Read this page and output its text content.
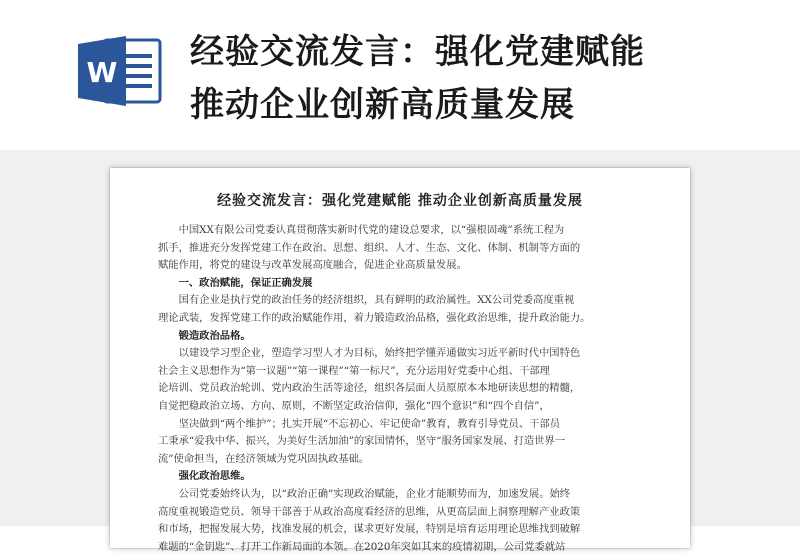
W
经验交流发言：强化党建赋能
推动企业创新高质量发展
经验交流发言：强化党建赋能 推动企业创新高质量发展
　　中国XX有限公司党委认真贯彻落实新时代党的建设总要求，以“强根固魂”系统工程为
抓手，推进充分发挥党建工作在政治、思想、组织、人才、生态、文化、体制、机制等方面的
赋能作用，将党的建设与改革发展高度融合，促进企业高质量发展。
　　一、政治赋能，保证正确发展
　　国有企业是执行党的政治任务的经济组织，具有鲜明的政治属性。XX公司党委高度重视
理论武装，发挥党建工作的政治赋能作用，着力锻造政治品格，强化政治思维，提升政治能力。
　　锻造政治品格。
　　以建设学习型企业，塑造学习型人才为目标，始终把学懂弄通做实习近平新时代中国特色
社会主义思想作为“第一议题”“第一课程”“第一标尺”，充分运用好党委中心组、干部理
论培训、党员政治轮训、党内政治生活等途径，组织各层面人员原原本本地研读思想的精髓，
自觉把稳政治立场、方向、原则，不断坚定政治信仰，强化“四个意识”和“四个自信”，
　　坚决做到“两个维护”；扎实开展“不忘初心、牢记使命”教育，教育引导党员、干部员
工秉承“爱我中华、振兴，为美好生活加油”的家国情怀，坚守“服务国家发展、打造世界一
流”使命担当，在经济领域为党巩固执政基础。
　　强化政治思维。
　　公司党委始终认为，以“政治正确”实现政治赋能，企业才能顺势而为，加速发展。始终
高度重视锻造党员、领导干部善于从政治高度看经济的思维，从更高层面上洞察理解产业政策
和市场，把握发展大势，找准发展的机会，谋求更好发展，特别是培育运用理论思维找到破解
难题的“金钥匙”、打开工作新局面的本领。在2020年突如其来的疫情初期，公司党委就站
